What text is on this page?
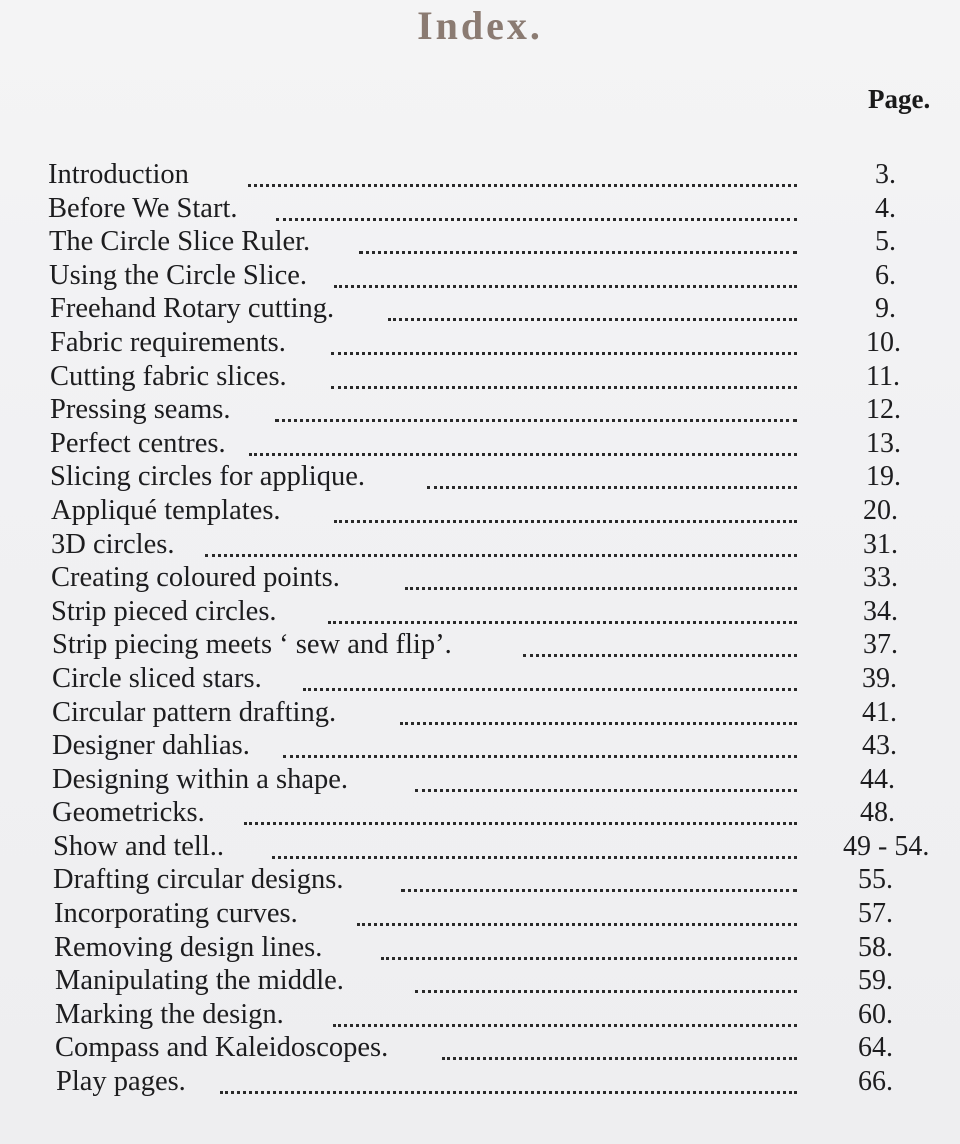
Index.
Page.
Introduction	3.
Before We Start.	4.
The Circle Slice Ruler.	5.
Using the Circle Slice.	6.
Freehand Rotary cutting.	9.
Fabric requirements.	10.
Cutting fabric slices.	11.
Pressing seams.	12.
Perfect centres.	13.
Slicing circles for applique.	19.
Appliqué templates.	20.
3D circles.	31.
Creating coloured points.	33.
Strip pieced circles.	34.
Strip piecing meets ‘ sew and flip’.	37.
Circle sliced stars.	39.
Circular pattern drafting.	41.
Designer dahlias.	43.
Designing within a shape.	44.
Geometricks.	48.
Show and tell..	49 - 54.
Drafting circular designs.	55.
Incorporating curves.	57.
Removing design lines.	58.
Manipulating the middle.	59.
Marking the design.	60.
Compass and Kaleidoscopes.	64.
Play pages.	66.
